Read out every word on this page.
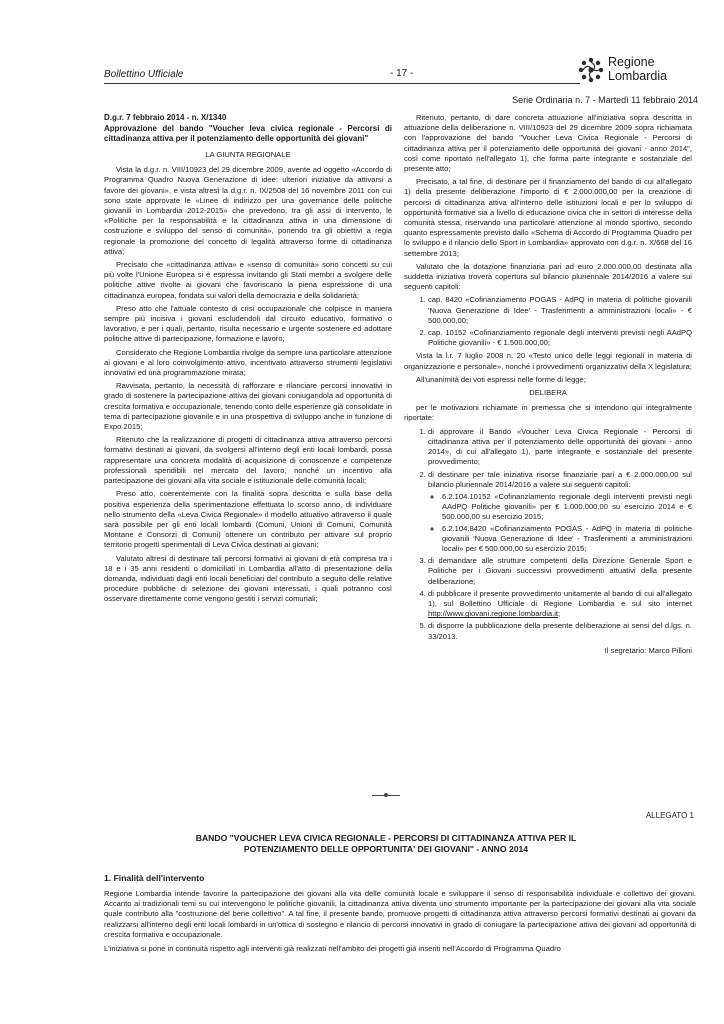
Bollettino Ufficiale	- 17 -
Regione
Lombardia
Serie Ordinaria n. 7 - Martedì 11 febbraio 2014
D.g.r. 7 febbraio 2014 - n. X/1340
Approvazione del bando "Voucher leva civica regionale - Percorsi di cittadinanza attiva per il potenziamento delle opportunità dei giovani"

LA GIUNTA REGIONALE

Vista la d.g.r. n. VIII/10923 del 29 dicembre 2009, avente ad oggetto «Accordo di Programma Quadro Nuova Generazione di idee: ulteriori iniziative da attivarsi a favore dei giovani», e vista altresì la d.g.r. n. IX/2508 del 16 novembre 2011 con cui sono state approvate le «Linee di indirizzo per una governance delle politiche giovanili in Lombardia 2012-2015» che prevedono, tra gli assi di intervento, le «Politiche per la responsabilità e la cittadinanza attiva in una dimensione di costruzione e sviluppo del senso di comunità», ponendo tra gli obiettivi a regia regionale la promozione del concetto di legalità attraverso forme di cittadinanza attiva;

Precisato che «cittadinanza attiva» e «senso di comunità» sono concetti su cui più volte l'Unione Europea si è espressa invitando gli Stati membri a svolgere delle politiche attive rivolte ai giovani che favoriscano la piena espressione di una cittadinanza europea, fondata sui valori della democrazia e della solidarietà;

Preso atto che l'attuale contesto di crisi occupazionale che colpisce in maniera sempre più incisiva i giovani escludendoli dal circuito educativo, formativo o lavorativo, e per i quali, pertanto, risulta necessario e urgente sostenere ed adottare politiche attive di partecipazione, formazione e lavoro;

Considerato che Regione Lombardia rivolge da sempre una particolare attenzione ai giovani e al loro coinvolgimento attivo, incentivato attraverso strumenti legislativi innovativi ed una programmazione mirata;

Ravvisata, pertanto, la necessità di rafforzare e rilanciare percorsi innovativi in grado di sostenere la partecipazione attiva dei giovani coniugandola ad opportunità di crescita formativa e occupazionale, tenendo conto delle esperienze già consolidate in tema di partecipazione giovanile e in una prospettiva di sviluppo anche in funzione di Expo 2015;

Ritenuto che la realizzazione di progetti di cittadinanza attiva attraverso percorsi formativi destinati ai giovani, da svolgersi all'interno degli enti locali lombardi, possa rappresentare una concreta modalità di acquisizione di conoscenze e competenze professionali spendibili nel mercato del lavoro, nonché un incentivo alla partecipazione dei giovani alla vita sociale e istituzionale delle comunità locali;

Preso atto, coerentemente con la finalità sopra descritta e sulla base della positiva esperienza della sperimentazione effettuata lo scorso anno, di individuare nello strumento della «Leva Civica Regionale» il modello attuativo attraverso il quale sarà possibile per gli enti locali lombardi (Comuni, Unioni di Comuni, Comunità Montane e Consorzi di Comuni) ottenere un contributo per attivare sul proprio territorio progetti sperimentali di Leva Civica destinati ai giovani;

Valutato altresì di destinare tali percorsi formativi ai giovani di età compresa tra i 18 e i 35 anni residenti o domiciliati in Lombardia all'atto di presentazione della domanda, individuati dagli enti locali beneficiari del contributo a seguito delle relative procedure pubbliche di selezione dei giovani interessati, i quali potranno così osservare direttamente come vengono gestiti i servizi comunali;

Ritenuto, pertanto, di dare concreta attuazione all'iniziativa sopra descritta in attuazione della deliberazione n. VIII/10923 del 29 dicembre 2009 sopra richiamata con l'approvazione del bando "Voucher Leva Civica Regionale - Percorsi di cittadinanza attiva per il potenziamento delle opportunità dei giovani - anno 2014", così come riportato nell'allegato 1), che forma parte integrante e sostanziale del presente atto;

Precisato, a tal fine, di destinare per il finanziamento del bando di cui all'allegato 1) della presente deliberazione l'importo di € 2.000.000,00 per la creazione di percorsi di cittadinanza attiva all'interno delle istituzioni locali e per lo sviluppo di opportunità formative sia a livello di educazione civica che in settori di interesse della comunità stessa, riservando una particolare attenzione al mondo sportivo, secondo quanto espressamente previsto dallo «Schema di Accordo di Programma Quadro per lo sviluppo e il rilancio dello Sport in Lombardia» approvato con d.g.r. n. X/668 del 16 settembre 2013;

Valutato che la dotazione finanziaria pari ad euro 2.000.000,00 destinata alla suddetta iniziativa troverà copertura sul bilancio pluriennale 2014/2016 a valere sui seguenti capitoli:

1. cap. 8420 «Cofinanziamento POGAS - AdPQ in materia di politiche giovanili 'Nuova Generazione di Idee' - Trasferimenti a amministrazioni locali» - € 500.000,00;
2. cap. 10152 «Cofinanziamento regionale degli interventi previsti negli AAdPQ Politiche giovanili» - € 1.500.000,00;

Vista la l.r. 7 luglio 2008 n. 20 «Testo unico delle leggi regionali in materia di organizzazione e personale», nonché i provvedimenti organizzativi della X legislatura;

All'unanimità dei voti espressi nelle forme di legge;

DELIBERA

per le motivazioni richiamate in premessa che si intendono qui integralmente riportate:

1. di approvare il Bando «Voucher Leva Civica Regionale - Percorsi di cittadinanza attiva per il potenziamento delle opportunità dei giovani - anno 2014», di cui all'allegato 1), parte integrante e sostanziale del presente provvedimento;
2. di destinare per tale iniziativa risorse finanziarie pari a € 2.000.000,00 sul bilancio pluriennale 2014/2016 a valere sui seguenti capitoli:
◦ 6.2.104.10152 «Cofinanziamento regionale degli interventi previsti negli AAdPQ Politiche giovanili» per € 1.000.000,00 su esercizio 2014 e € 500.000,00 su esercizio 2015;
◦ 6.2.104.8420 «Cofinanziamento POGAS - AdPQ in materia di politiche giovanili 'Nuova Generazione di Idee' - Trasferimenti a amministrazioni locali» per € 500.000,00 su esercizio 2015;
3. di demandare alle strutture competenti della Direzione Generale Sport e Politiche per i Giovani successivi provvedimenti attuativi della presente deliberazione;
4. di pubblicare il presente provvedimento unitamente al bando di cui all'allegato 1), sul Bollettino Ufficiale di Regione Lombardia e sul sito internet http://www.giovani.regione.lombardia.it;
5. di disporre la pubblicazione della presente deliberazione ai sensi del d.lgs. n. 33/2013.

Il segretario: Marco Pilloni

ALLEGATO 1
BANDO "VOUCHER LEVA CIVICA REGIONALE - PERCORSI DI CITTADINANZA ATTIVA PER IL POTENZIAMENTO DELLE OPPORTUNITA' DEI GIOVANI" - ANNO 2014
1. Finalità dell'intervento

Regione Lombardia intende favorire la partecipazione dei giovani alla vita delle comunità locale e sviluppare il senso di responsabilità individuale e collettivo dei giovani. Accanto ai tradizionali temi su cui intervengono le politiche giovanili, la cittadinanza attiva diventa uno strumento importante per la partecipazione dei giovani alla vita sociale quale contributo alla "costruzione del bene collettivo". A tal fine, il presente bando, promuove progetti di cittadinanza attiva attraverso percorsi formativi destinati ai giovani da realizzarsi all'interno degli enti locali lombardi in un'ottica di sostegno e rilancio di percorsi innovativi in grado di coniugare la partecipazione attiva dei giovani ad opportunità di crescita formativa e occupazionale.

L'iniziativa si pone in continuità rispetto agli interventi già realizzati nell'ambito dei progetti già inseriti nell'Accordo di Programma Quadro
